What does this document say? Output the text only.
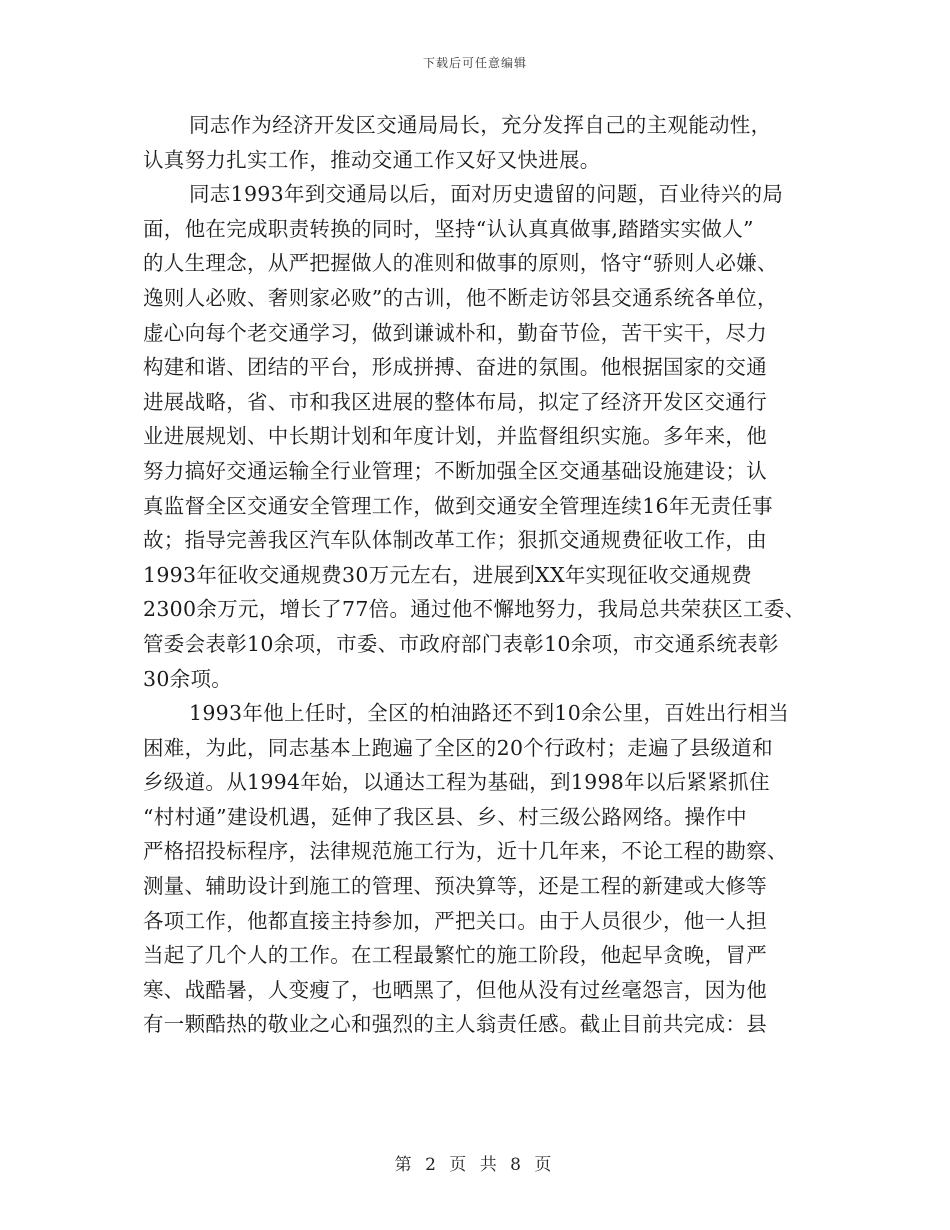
下载后可任意编辑
同志作为经济开发区交通局局长，充分发挥自己的主观能动性，
认真努力扎实工作，推动交通工作又好又快进展。
同志1993年到交通局以后，面对历史遗留的问题，百业待兴的局
面，他在完成职责转换的同时，坚持“认认真真做事,踏踏实实做人”
的人生理念，从严把握做人的准则和做事的原则，恪守“骄则人必嫌、
逸则人必败、奢则家必败”的古训，他不断走访邻县交通系统各单位，
虚心向每个老交通学习，做到谦诚朴和，勤奋节俭，苦干实干，尽力
构建和谐、团结的平台，形成拼搏、奋进的氛围。他根据国家的交通
进展战略，省、市和我区进展的整体布局，拟定了经济开发区交通行
业进展规划、中长期计划和年度计划，并监督组织实施。多年来，他
努力搞好交通运输全行业管理；不断加强全区交通基础设施建设；认
真监督全区交通安全管理工作，做到交通安全管理连续16年无责任事
故；指导完善我区汽车队体制改革工作；狠抓交通规费征收工作，由
1993年征收交通规费30万元左右，进展到XX年实现征收交通规费
2300余万元，增长了77倍。通过他不懈地努力，我局总共荣获区工委、
管委会表彰10余项，市委、市政府部门表彰10余项，市交通系统表彰
30余项。
1993年他上任时，全区的柏油路还不到10余公里，百姓出行相当
困难，为此，同志基本上跑遍了全区的20个行政村；走遍了县级道和
乡级道。从1994年始，以通达工程为基础，到1998年以后紧紧抓住
“村村通”建设机遇，延伸了我区县、乡、村三级公路网络。操作中
严格招投标程序，法律规范施工行为，近十几年来，不论工程的勘察、
测量、辅助设计到施工的管理、预决算等，还是工程的新建或大修等
各项工作，他都直接主持参加，严把关口。由于人员很少，他一人担
当起了几个人的工作。在工程最繁忙的施工阶段，他起早贪晚，冒严
寒、战酷暑，人变瘦了，也晒黑了，但他从没有过丝毫怨言，因为他
有一颗酷热的敬业之心和强烈的主人翁责任感。截止目前共完成：县
第 2 页 共 8 页
